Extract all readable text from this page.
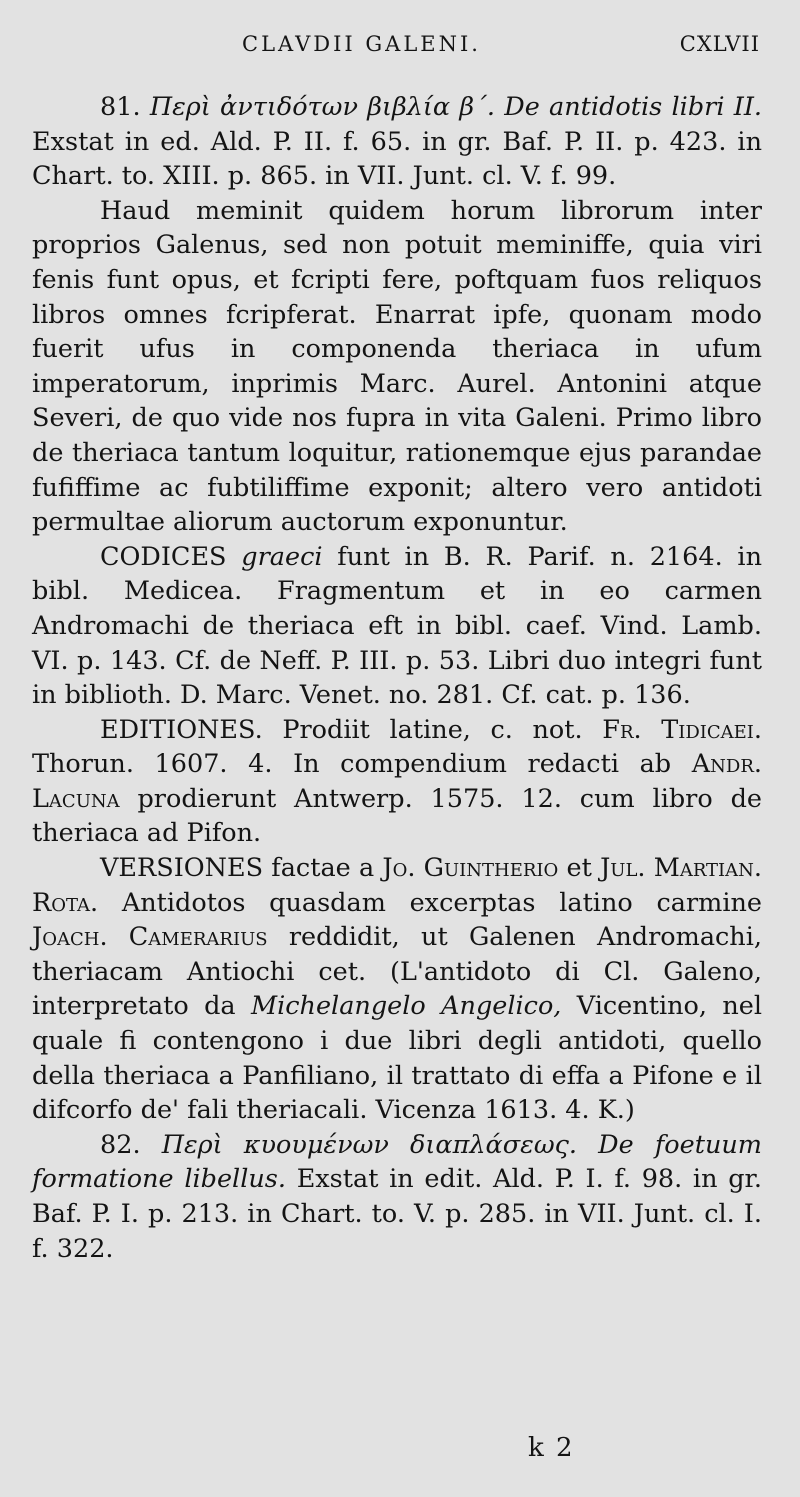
CLAVDII GALENI.	CXLVII

81. Περὶ ἀντιδότων βιβλία β΄. De antidotis libri II. Exstat in ed. Ald. P. II. f. 65. in gr. Baf. P. II. p. 423. in Chart. to. XIII. p. 865. in VII. Junt. cl. V. f. 99.

Haud meminit quidem horum librorum inter proprios Galenus, sed non potuit meminiffe, quia viri fenis funt opus, et fcripti fere, poftquam fuos reliquos libros omnes fcripferat. Enarrat ipfe, quonam modo fuerit ufus in componenda theriaca in ufum imperatorum, inprimis Marc. Aurel. Antonini atque Severi, de quo vide nos fupra in vita Galeni. Primo libro de theriaca tantum loquitur, rationemque ejus parandae fufiffime ac fubtiliffime exponit; altero vero antidoti permultae aliorum auctorum exponuntur.

CODICES graeci funt in B. R. Parif. n. 2164. in bibl. Medicea. Fragmentum et in eo carmen Andromachi de theriaca eft in bibl. caef. Vind. Lamb. VI. p. 143. Cf. de Neff. P. III. p. 53. Libri duo integri funt in biblioth. D. Marc. Venet. no. 281. Cf. cat. p. 136.

EDITIONES. Prodiit latine, c. not. Fr. Tidicaei. Thorun. 1607. 4. In compendium redacti ab Andr. Lacuna prodierunt Antwerp. 1575. 12. cum libro de theriaca ad Pifon.

VERSIONES factae a Jo. Guintherio et Jul. Martian. Rota. Antidotos quasdam excerptas latino carmine Joach. Camerarius reddidit, ut Galenen Andromachi, theriacam Antiochi cet. (L'antidoto di Cl. Galeno, interpretato da Michelangelo Angelico, Vicentino, nel quale fi contengono i due libri degli antidoti, quello della theriaca a Panfiliano, il trattato di effa a Pifone e il difcorfo de' fali theriacali. Vicenza 1613. 4. K.)

82. Περὶ κυουμένων διαπλάσεως. De foetuum formatione libellus. Exstat in edit. Ald. P. I. f. 98. in gr. Baf. P. I. p. 213. in Chart. to. V. p. 285. in VII. Junt. cl. I. f. 322.

k 2
